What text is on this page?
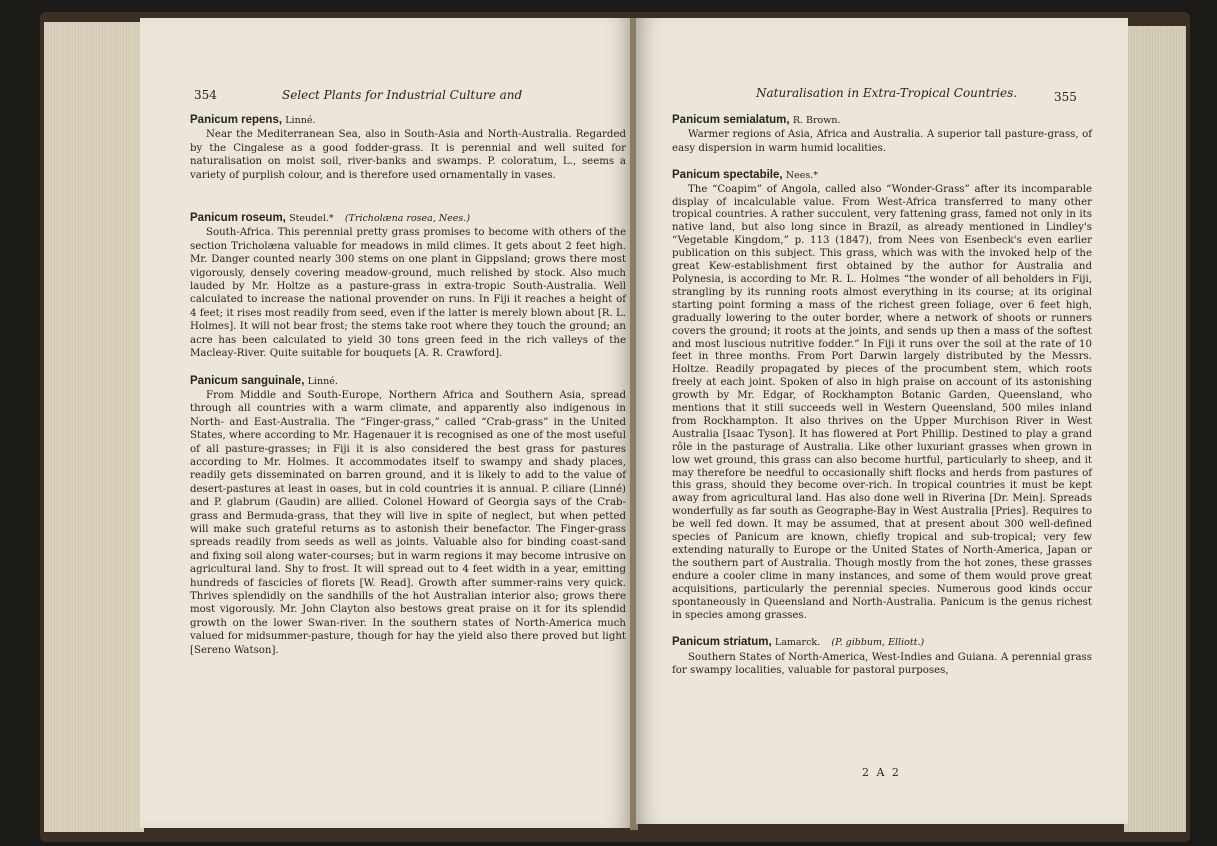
354	Select Plants for Industrial Culture and

Panicum repens, Linné.

Near the Mediterranean Sea, also in South-Asia and North-Australia. Regarded by the Cingalese as a good fodder-grass. It is perennial and well suited for naturalisation on moist soil, river-banks and swamps. P. coloratum, L., seems a variety of purplish colour, and is therefore used ornamentally in vases.

Panicum roseum, Steudel.* (Tricholæna rosea, Nees.)

South-Africa. This perennial pretty grass promises to become with others of the section Tricholæna valuable for meadows in mild climes. It gets about 2 feet high. Mr. Danger counted nearly 300 stems on one plant in Gippsland; grows there most vigorously, densely covering meadow-ground, much relished by stock. Also much lauded by Mr. Holtze as a pasture-grass in extra-tropic South-Australia. Well calculated to increase the national provender on runs. In Fiji it reaches a height of 4 feet; it rises most readily from seed, even if the latter is merely blown about [R. L. Holmes]. It will not bear frost; the stems take root where they touch the ground; an acre has been calculated to yield 30 tons green feed in the rich valleys of the Macleay-River. Quite suitable for bouquets [A. R. Crawford].

Panicum sanguinale, Linné.

From Middle and South-Europe, Northern Africa and Southern Asia, spread through all countries with a warm climate, and apparently also indigenous in North- and East-Australia. The “Finger-grass,” called “Crab-grass” in the United States, where according to Mr. Hagenauer it is recognised as one of the most useful of all pasture-grasses; in Fiji it is also considered the best grass for pastures according to Mr. Holmes. It accommodates itself to swampy and shady places, readily gets disseminated on barren ground, and it is likely to add to the value of desert-pastures at least in oases, but in cold countries it is annual. P. ciliare (Linné) and P. glabrum (Gaudin) are allied. Colonel Howard of Georgia says of the Crab-grass and Bermuda-grass, that they will live in spite of neglect, but when petted will make such grateful returns as to astonish their benefactor. The Finger-grass spreads readily from seeds as well as joints. Valuable also for binding coast-sand and fixing soil along water-courses; but in warm regions it may become intrusive on agricultural land. Shy to frost. It will spread out to 4 feet width in a year, emitting hundreds of fascicles of florets [W. Read]. Growth after summer-rains very quick. Thrives splendidly on the sandhills of the hot Australian interior also; grows there most vigorously. Mr. John Clayton also bestows great praise on it for its splendid growth on the lower Swan-river. In the southern states of North-America much valued for midsummer-pasture, though for hay the yield also there proved but light [Sereno Watson].

Naturalisation in Extra-Tropical Countries.	355

Panicum semialatum, R. Brown.

Warmer regions of Asia, Africa and Australia. A superior tall pasture-grass, of easy dispersion in warm humid localities.

Panicum spectabile, Nees.*

The “Coapim” of Angola, called also “Wonder-Grass” after its incomparable display of incalculable value. From West-Africa transferred to many other tropical countries. A rather succulent, very fattening grass, famed not only in its native land, but also long since in Brazil, as already mentioned in Lindley's “Vegetable Kingdom,” p. 113 (1847), from Nees von Esenbeck's even earlier publication on this subject. This grass, which was with the invoked help of the great Kew-establishment first obtained by the author for Australia and Polynesia, is according to Mr. R. L. Holmes “the wonder of all beholders in Fiji, strangling by its running roots almost everything in its course; at its original starting point forming a mass of the richest green foliage, over 6 feet high, gradually lowering to the outer border, where a network of shoots or runners covers the ground; it roots at the joints, and sends up then a mass of the softest and most luscious nutritive fodder.” In Fiji it runs over the soil at the rate of 10 feet in three months. From Port Darwin largely distributed by the Messrs. Holtze. Readily propagated by pieces of the procumbent stem, which roots freely at each joint. Spoken of also in high praise on account of its astonishing growth by Mr. Edgar, of Rockhampton Botanic Garden, Queensland, who mentions that it still succeeds well in Western Queensland, 500 miles inland from Rockhampton. It also thrives on the Upper Murchison River in West Australia [Isaac Tyson]. It has flowered at Port Phillip. Destined to play a grand rôle in the pasturage of Australia. Like other luxuriant grasses when grown in low wet ground, this grass can also become hurtful, particularly to sheep, and it may therefore be needful to occasionally shift flocks and herds from pastures of this grass, should they become over-rich. In tropical countries it must be kept away from agricultural land. Has also done well in Riverina [Dr. Mein]. Spreads wonderfully as far south as Geographe-Bay in West Australia [Pries]. Requires to be well fed down. It may be assumed, that at present about 300 well-defined species of Panicum are known, chiefly tropical and sub-tropical; very few extending naturally to Europe or the United States of North-America, Japan or the southern part of Australia. Though mostly from the hot zones, these grasses endure a cooler clime in many instances, and some of them would prove great acquisitions, particularly the perennial species. Numerous good kinds occur spontaneously in Queensland and North-Australia. Panicum is the genus richest in species among grasses.

Panicum striatum, Lamarck. (P. gibbum, Elliott.)

Southern States of North-America, West-Indies and Guiana. A perennial grass for swampy localities, valuable for pastoral purposes,

2 A 2
